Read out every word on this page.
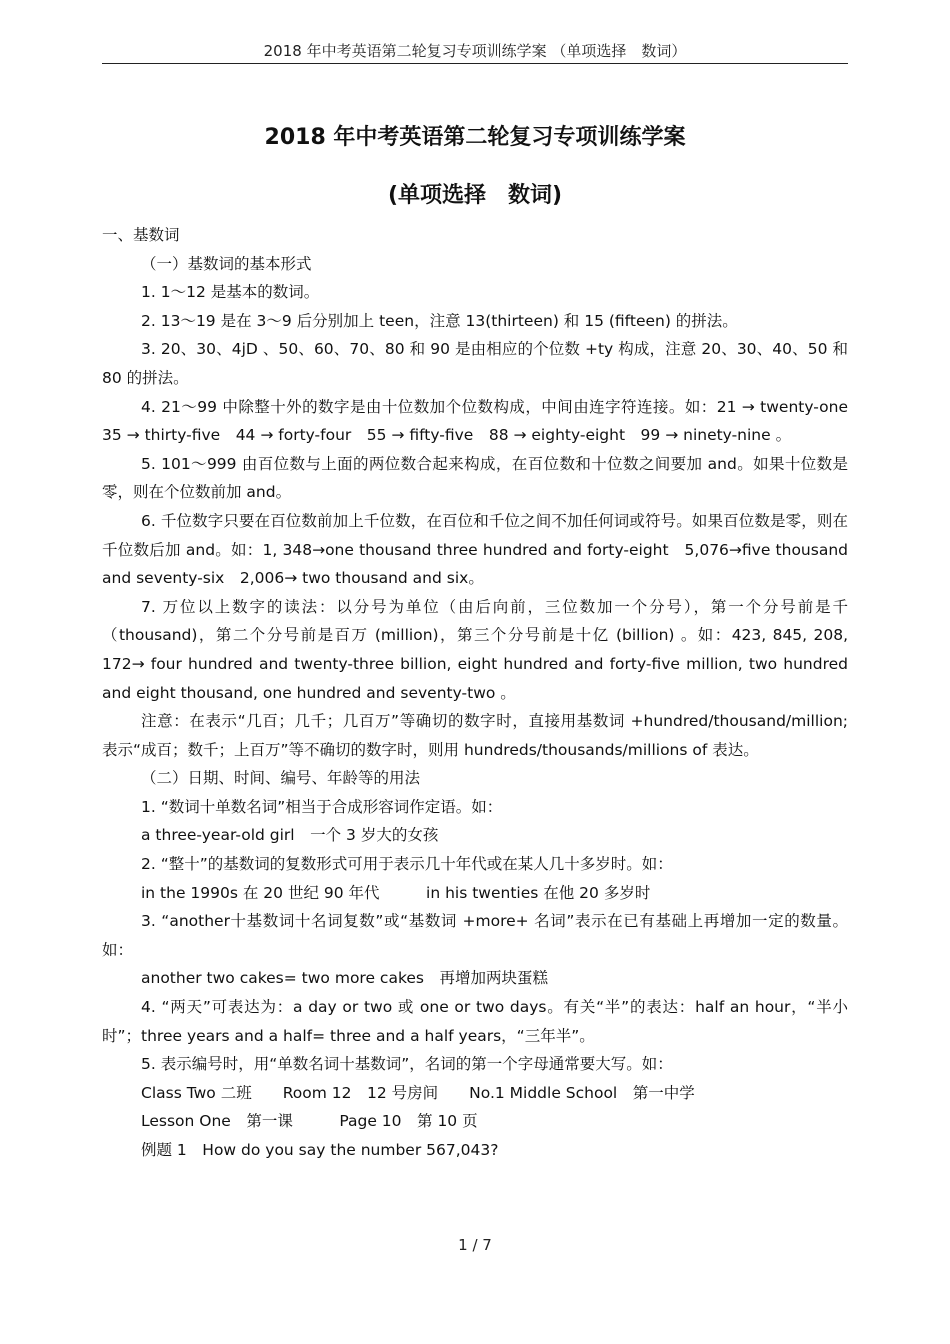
2018 年中考英语第二轮复习专项训练学案 （单项选择　数词）
2018 年中考英语第二轮复习专项训练学案
(单项选择　数词)

一、基数词

（一）基数词的基本形式

1. 1～12 是基本的数词。

2. 13～19 是在 3～9 后分别加上 teen，注意 13(thirteen) 和 15 (fifteen) 的拼法。

3. 20、30、4jD 、50、60、70、80 和 90 是由相应的个位数 +ty 构成，注意 20、30、40、50 和 80 的拼法。

4. 21～99 中除整十外的数字是由十位数加个位数构成，中间由连字符连接。如：21 → twenty-one　35 → thirty-five　44 → forty-four　55 → fifty-five　88 → eighty-eight　99 → ninety-nine 。

5. 101～999 由百位数与上面的两位数合起来构成，在百位数和十位数之间要加 and。如果十位数是零，则在个位数前加 and。

6. 千位数字只要在百位数前加上千位数，在百位和千位之间不加任何词或符号。如果百位数是零，则在千位数后加 and。如：1, 348→one thousand three hundred and forty-eight　5,076→five thousand and seventy-six　2,006→ two thousand and six。

7. 万位以上数字的读法：以分号为单位（由后向前，三位数加一个分号），第一个分号前是千（thousand)，第二个分号前是百万 (million)，第三个分号前是十亿 (billion) 。如：423, 845, 208, 172→ four hundred and twenty-three billion, eight hundred and forty-five million, two hundred and eight thousand, one hundred and seventy-two 。

注意：在表示“几百；几千；几百万”等确切的数字时，直接用基数词 +hundred/thousand/million; 表示“成百；数千；上百万”等不确切的数字时，则用 hundreds/thousands/millions of 表达。

（二）日期、时间、编号、年龄等的用法

1. “数词十单数名词”相当于合成形容词作定语。如：

a three-year-old girl　一个 3 岁大的女孩

2. “整十”的基数词的复数形式可用于表示几十年代或在某人几十多岁时。如：

in the 1990s 在 20 世纪 90 年代　　　in his twenties 在他 20 多岁时

3. “another十基数词十名词复数”或“基数词 +more+ 名词”表示在已有基础上再增加一定的数量。如：

another two cakes= two more cakes　再增加两块蛋糕

4. “两天”可表达为：a day or two 或 one or two days。有关“半”的表达：half an hour，“半小时”；three years and a half= three and a half years，“三年半”。

5. 表示编号时，用“单数名词十基数词”，名词的第一个字母通常要大写。如：

Class Two 二班　　Room 12　12 号房间　　No.1 Middle School　第一中学

Lesson One　第一课　　　Page 10　第 10 页

例题 1　How do you say the number 567,043?

1 / 7
